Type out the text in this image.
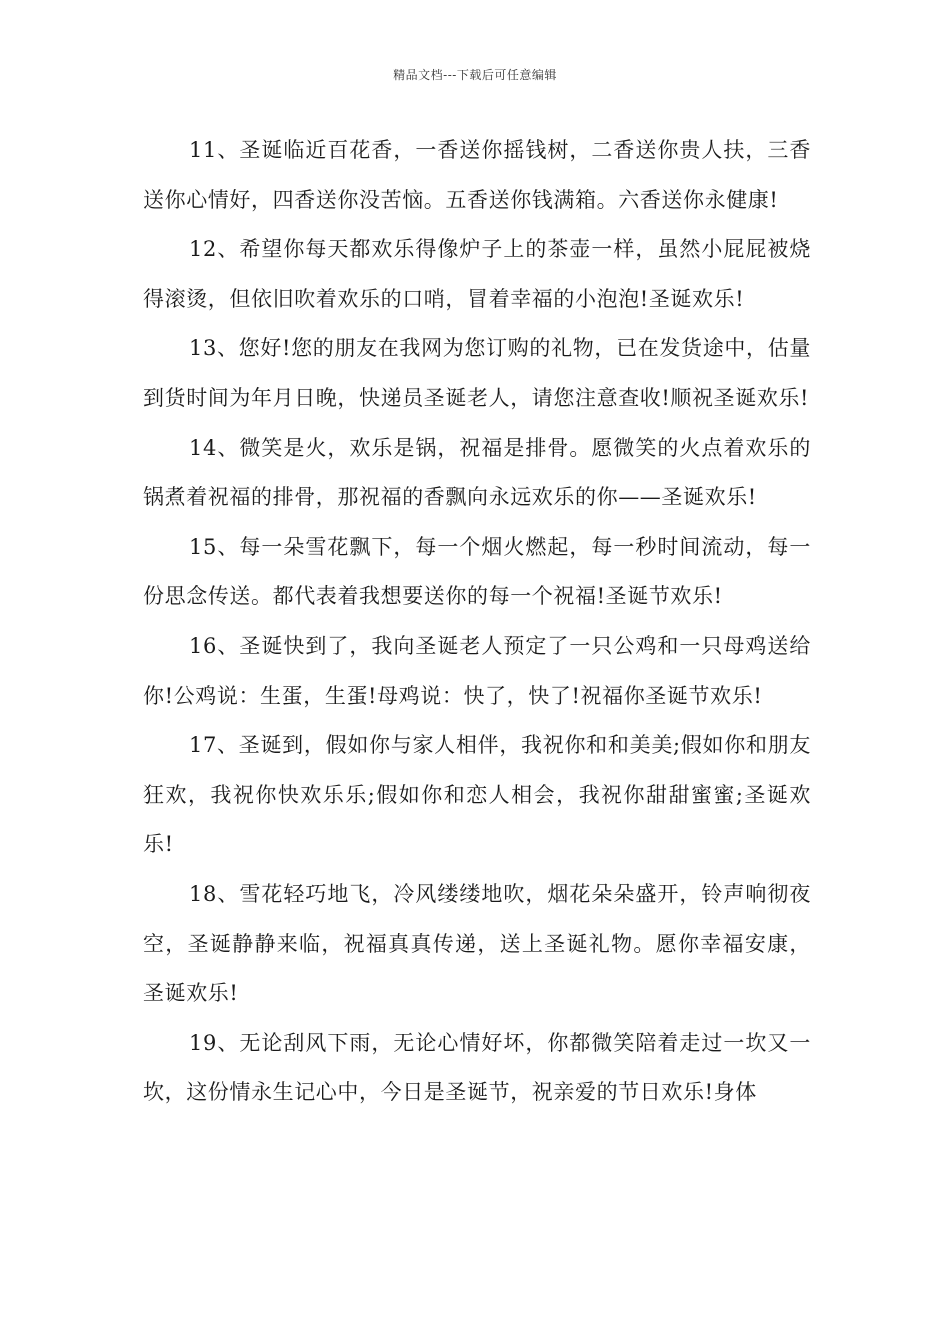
精品文档---下载后可任意编辑

11、圣诞临近百花香，一香送你摇钱树，二香送你贵人扶，三香送你心情好，四香送你没苦恼。五香送你钱满箱。六香送你永健康!

12、希望你每天都欢乐得像炉子上的茶壶一样，虽然小屁屁被烧得滚烫，但依旧吹着欢乐的口哨，冒着幸福的小泡泡!圣诞欢乐!

13、您好!您的朋友在我网为您订购的礼物，已在发货途中，估量到货时间为年月日晚，快递员圣诞老人，请您注意查收!顺祝圣诞欢乐!

14、微笑是火，欢乐是锅，祝福是排骨。愿微笑的火点着欢乐的锅煮着祝福的排骨，那祝福的香飘向永远欢乐的你——圣诞欢乐!

15、每一朵雪花飘下，每一个烟火燃起，每一秒时间流动，每一份思念传送。都代表着我想要送你的每一个祝福!圣诞节欢乐!

16、圣诞快到了，我向圣诞老人预定了一只公鸡和一只母鸡送给你!公鸡说：生蛋，生蛋!母鸡说：快了，快了!祝福你圣诞节欢乐!

17、圣诞到，假如你与家人相伴，我祝你和和美美;假如你和朋友狂欢，我祝你快欢乐乐;假如你和恋人相会，我祝你甜甜蜜蜜;圣诞欢乐!

18、雪花轻巧地飞，冷风缕缕地吹，烟花朵朵盛开，铃声响彻夜空，圣诞静静来临，祝福真真传递，送上圣诞礼物。愿你幸福安康，圣诞欢乐!

19、无论刮风下雨，无论心情好坏，你都微笑陪着走过一坎又一坎，这份情永生记心中，今日是圣诞节，祝亲爱的节日欢乐!身体
